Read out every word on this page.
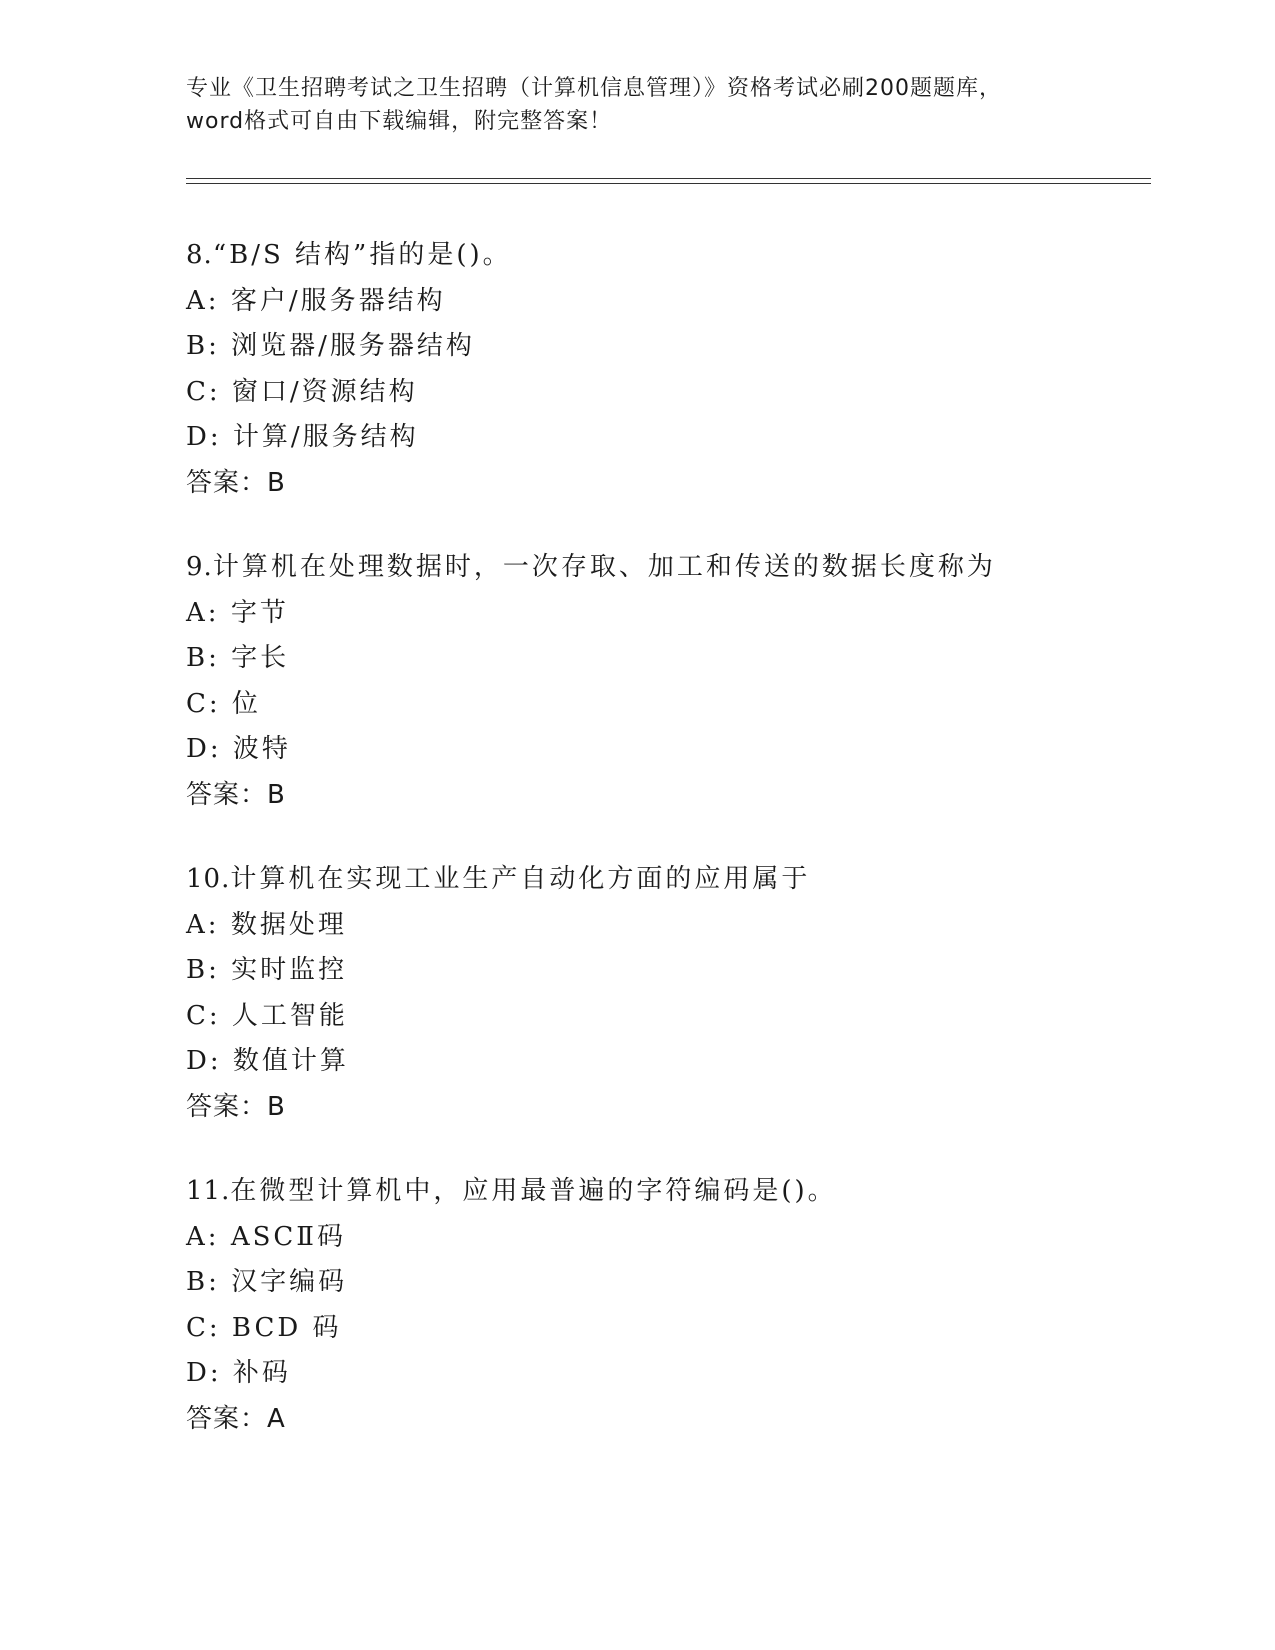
专业《卫生招聘考试之卫生招聘（计算机信息管理）》资格考试必刷200题题库，

word格式可自由下载编辑，附完整答案！

8.“B/S 结构”指的是()。
A: 客户/服务器结构
B: 浏览器/服务器结构
C: 窗口/资源结构
D: 计算/服务结构
答案：B
9.计算机在处理数据时，一次存取、加工和传送的数据长度称为
A: 字节
B: 字长
C: 位
D: 波特
答案：B
10.计算机在实现工业生产自动化方面的应用属于
A: 数据处理
B: 实时监控
C: 人工智能
D: 数值计算
答案：B
11.在微型计算机中，应用最普遍的字符编码是()。
A: ASCⅡ码
B: 汉字编码
C: BCD 码
D: 补码
答案：A
